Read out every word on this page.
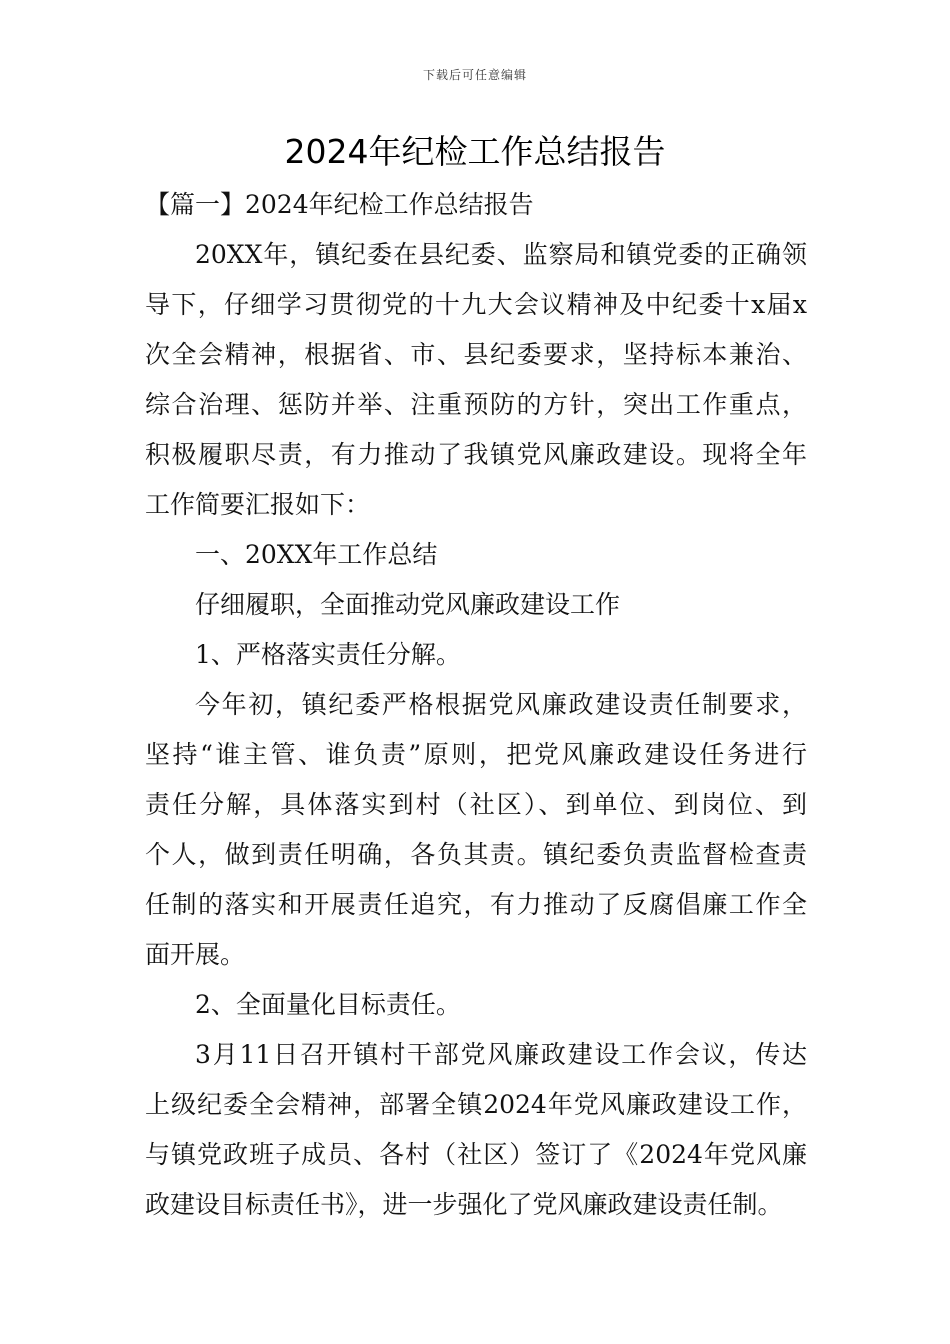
下载后可任意编辑
2024年纪检工作总结报告
【篇一】2024年纪检工作总结报告
20XX年，镇纪委在县纪委、监察局和镇党委的正确领
导下，仔细学习贯彻党的十九大会议精神及中纪委十x届x
次全会精神，根据省、市、县纪委要求，坚持标本兼治、
综合治理、惩防并举、注重预防的方针，突出工作重点，
积极履职尽责，有力推动了我镇党风廉政建设。现将全年
工作简要汇报如下：
一、20XX年工作总结
仔细履职，全面推动党风廉政建设工作
1、严格落实责任分解。
今年初，镇纪委严格根据党风廉政建设责任制要求，
坚持“谁主管、谁负责”原则，把党风廉政建设任务进行
责任分解，具体落实到村（社区）、到单位、到岗位、到
个人，做到责任明确，各负其责。镇纪委负责监督检查责
任制的落实和开展责任追究，有力推动了反腐倡廉工作全
面开展。
2、全面量化目标责任。
3月11日召开镇村干部党风廉政建设工作会议，传达
上级纪委全会精神，部署全镇2024年党风廉政建设工作，
与镇党政班子成员、各村（社区）签订了《2024年党风廉
政建设目标责任书》，进一步强化了党风廉政建设责任制。
